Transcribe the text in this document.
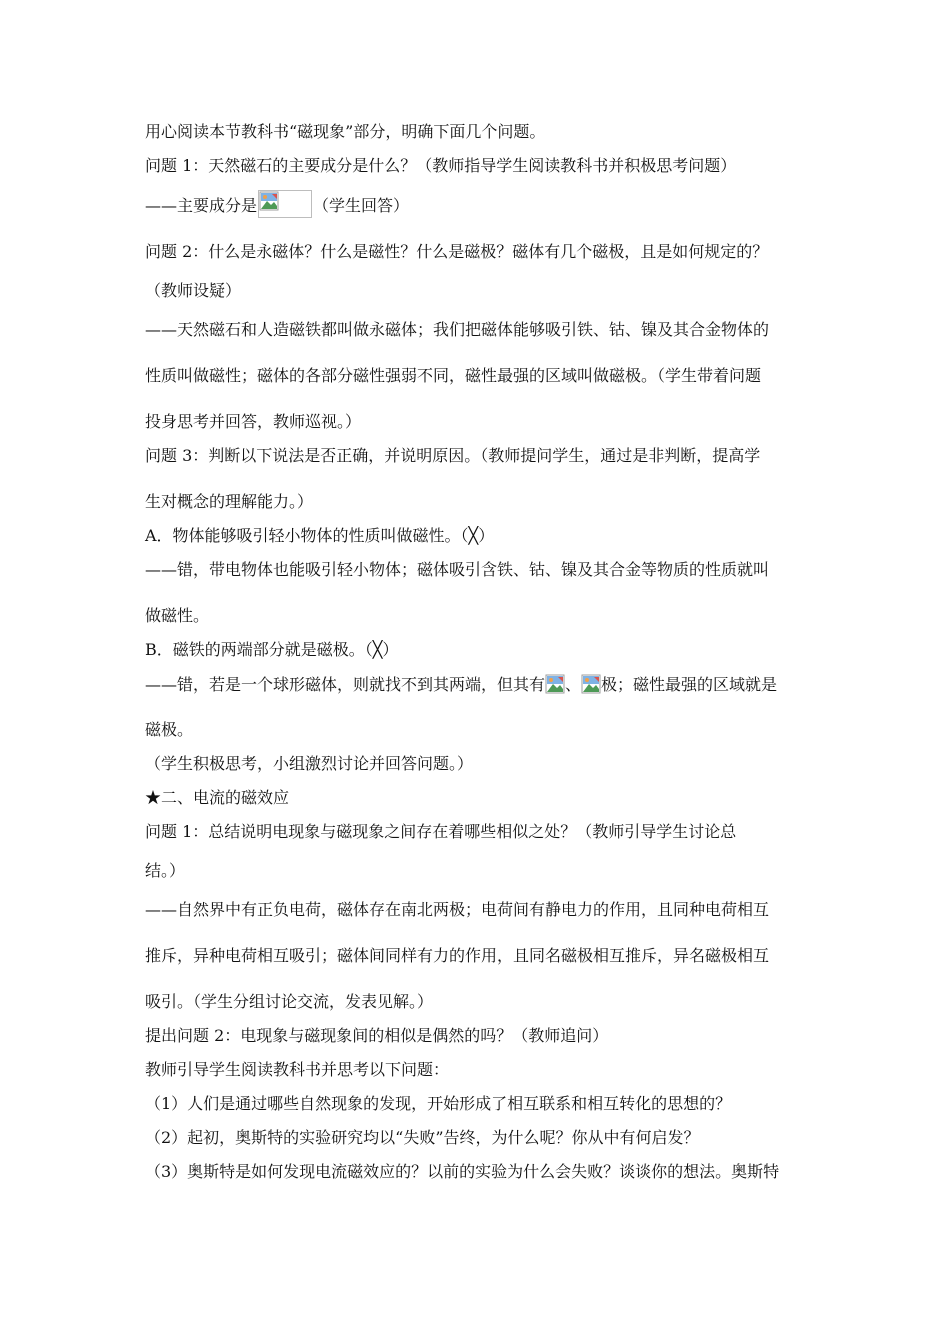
用心阅读本节教科书“磁现象”部分，明确下面几个问题。
问题 1：天然磁石的主要成分是什么？（教师指导学生阅读教科书并积极思考问题）
——主要成分是	（学生回答）
问题 2：什么是永磁体？什么是磁性？什么是磁极？磁体有几个磁极，且是如何规定的？
（教师设疑）
——天然磁石和人造磁铁都叫做永磁体；我们把磁体能够吸引铁、钴、镍及其合金物体的
性质叫做磁性；磁体的各部分磁性强弱不同，磁性最强的区域叫做磁极。（学生带着问题
投身思考并回答，教师巡视。）
问题 3：判断以下说法是否正确，并说明原因。（教师提问学生，通过是非判断，提高学
生对概念的理解能力。）
A．物体能够吸引轻小物体的性质叫做磁性。（╳）
——错，带电物体也能吸引轻小物体；磁体吸引含铁、钴、镍及其合金等物质的性质就叫
做磁性。
B．磁铁的两端部分就是磁极。（╳）
——错，若是一个球形磁体，则就找不到其两端，但其有 、 极；磁性最强的区域就是
磁极。
（学生积极思考，小组激烈讨论并回答问题。）
★二、电流的磁效应
问题 1：总结说明电现象与磁现象之间存在着哪些相似之处？（教师引导学生讨论总
结。）
——自然界中有正负电荷，磁体存在南北两极；电荷间有静电力的作用，且同种电荷相互
推斥，异种电荷相互吸引；磁体间同样有力的作用，且同名磁极相互推斥，异名磁极相互
吸引。（学生分组讨论交流，发表见解。）
提出问题 2：电现象与磁现象间的相似是偶然的吗？（教师追问）
教师引导学生阅读教科书并思考以下问题：
（1）人们是通过哪些自然现象的发现，开始形成了相互联系和相互转化的思想的？
（2）起初，奥斯特的实验研究均以“失败”告终，为什么呢？你从中有何启发？
（3）奥斯特是如何发现电流磁效应的？以前的实验为什么会失败？谈谈你的想法。奥斯特
